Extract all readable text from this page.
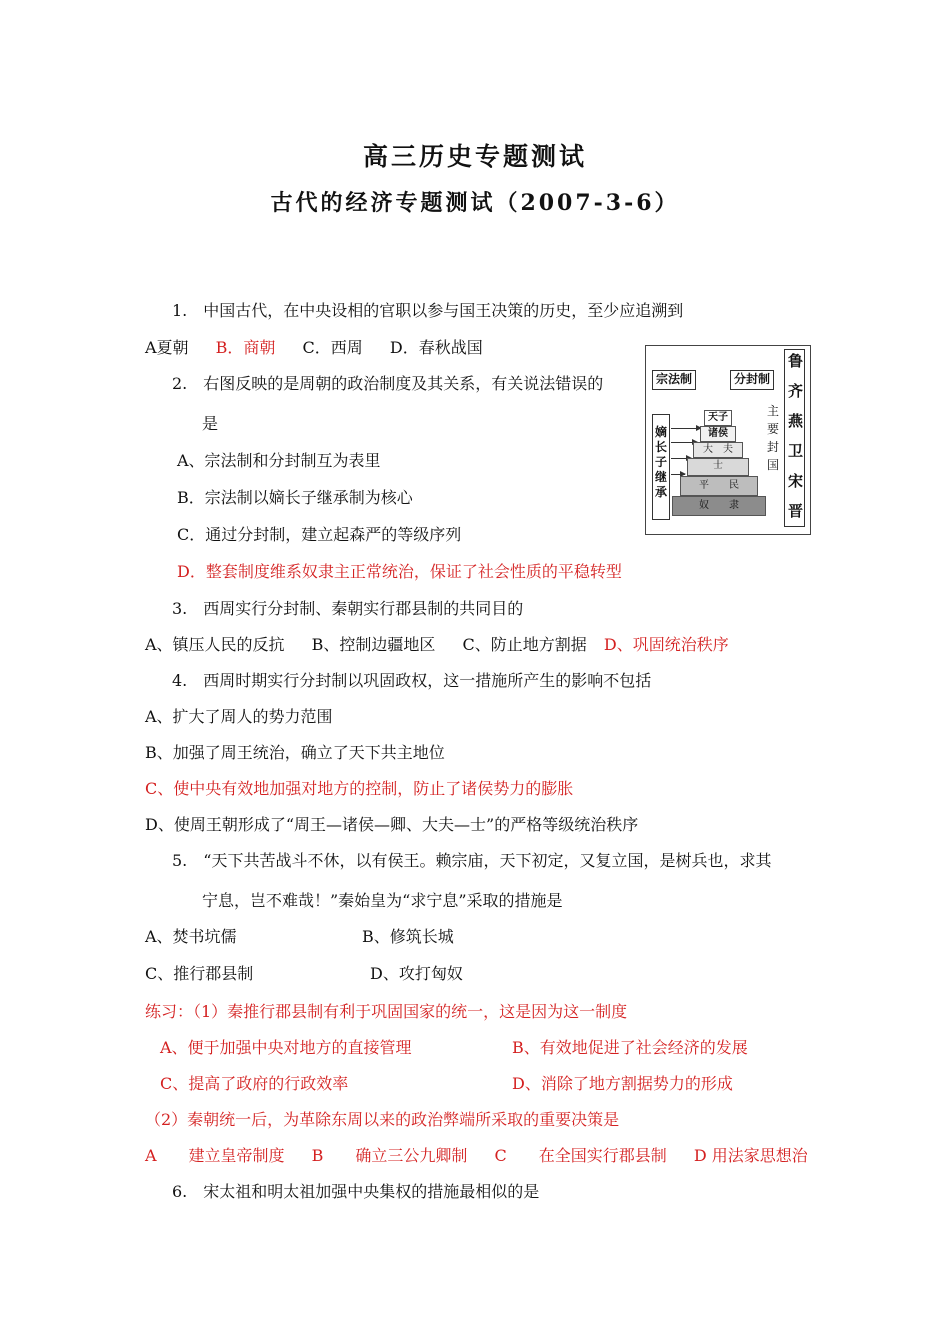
高三历史专题测试
古代的经济专题测试（2007-3-6）
1.　中国古代，在中央设相的官职以参与国王决策的历史，至少应追溯到
A夏朝 B．商朝 C．西周 D．春秋战国
2.　右图反映的是周朝的政治制度及其关系，有关说法错误的
是
A、宗法制和分封制互为表里
B．宗法制以嫡长子继承制为核心
C．通过分封制，建立起森严的等级序列
D．整套制度维系奴隶主正常统治，保证了社会性质的平稳转型
宗法制	分封制
嫡长子继承
天子
诸侯
大　夫
士
平　　民
奴　　隶
主要封国
鲁
齐
燕
卫
宋
晋
3.　西周实行分封制、秦朝实行郡县制的共同目的
A、镇压人民的反抗 B、控制边疆地区 C、防止地方割据 D、巩固统治秩序
4.　西周时期实行分封制以巩固政权，这一措施所产生的影响不包括
A、扩大了周人的势力范围
B、加强了周王统治，确立了天下共主地位
C、使中央有效地加强对地方的控制，防止了诸侯势力的膨胀
D、使周王朝形成了“周王—诸侯—卿、大夫—士”的严格等级统治秩序
5.　“天下共苦战斗不休，以有侯王。赖宗庙，天下初定，又复立国，是树兵也，求其
宁息，岂不难哉！”秦始皇为“求宁息”采取的措施是
A、焚书坑儒	B、修筑长城
C、推行郡县制	D、攻打匈奴
练习：（1）秦推行郡县制有利于巩固国家的统一，这是因为这一制度
A、便于加强中央对地方的直接管理	B、有效地促进了社会经济的发展
C、提高了政府的行政效率	D、消除了地方割据势力的形成
（2）秦朝统一后，为革除东周以来的政治弊端所采取的重要决策是
A　　建立皇帝制度 B　　确立三公九卿制 C　　在全国实行郡县制 D 用法家思想治
6.　宋太祖和明太祖加强中央集权的措施最相似的是
